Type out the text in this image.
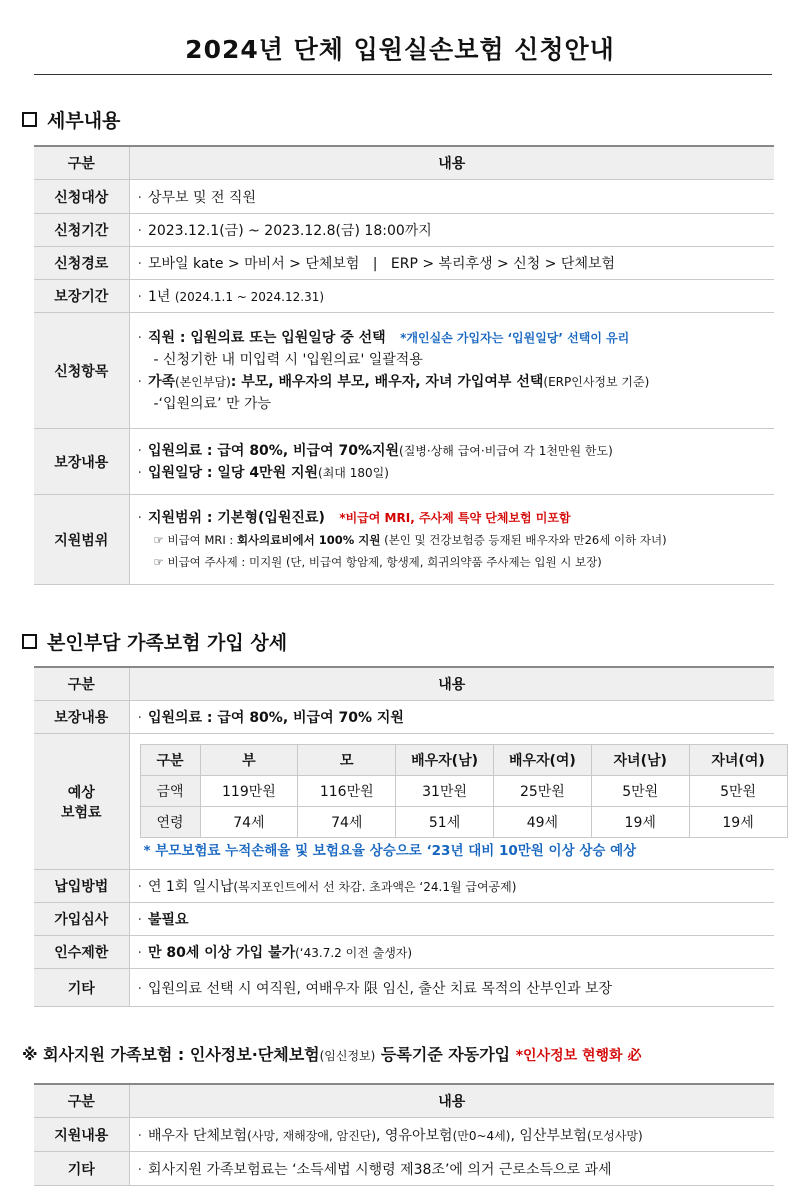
2024년 단체 입원실손보험 신청안내
세부내용
구분	내용
신청대상	· 상무보 및 전 직원
신청기간	· 2023.12.1(금) ~ 2023.12.8(금) 18:00까지
신청경로	· 모바일 kate > 마비서 > 단체보험   |   ERP > 복리후생 > 신청 > 단체보험
보장기간	· 1년 (2024.1.1 ~ 2024.12.31)
신청항목	· 직원 : 입원의료 또는 입원일당 중 선택 *개인실손 가입자는 ‘입원일당’ 선택이 유리
- 신청기한 내 미입력 시 '입원의료' 일괄적용
· 가족(본인부담): 부모, 배우자의 부모, 배우자, 자녀 가입여부 선택(ERP인사정보 기준)
-‘입원의료’ 만 가능

보장내용	· 입원의료 : 급여 80%, 비급여 70%지원(질병·상해 급여·비급여 각 1천만원 한도)
· 입원일당 : 일당 4만원 지원(최대 180일)

지원범위	· 지원범위 : 기본형(입원진료) *비급여 MRI, 주사제 특약 단체보험 미포함
☞ 비급여 MRI : 회사의료비에서 100% 지원 (본인 및 건강보험증 등재된 배우자와 만26세 이하 자녀)
☞ 비급여 주사제 : 미지원 (단, 비급여 항암제, 항생제, 희귀의약품 주사제는 입원 시 보장)
본인부담 가족보험 가입 상세
구분	내용
보장내용	· 입원의료 : 급여 80%, 비급여 70% 지원

예상
보험료

구분	부	모	배우자(남)	배우자(여)	자녀(남)	자녀(여)
금액	119만원	116만원	31만원	25만원	5만원	5만원
연령	74세	74세	51세	49세	19세	19세
* 부모보험료 누적손해율 및 보험요율 상승으로 ‘23년 대비 10만원 이상 상승 예상

납입방법	· 연 1회 일시납(복지포인트에서 선 차감. 초과액은 ‘24.1월 급여공제)
가입심사	· 불필요
인수제한	· 만 80세 이상 가입 불가(‘43.7.2 이전 출생자)
기타	· 입원의료 선택 시 여직원, 여배우자 限 임신, 출산 치료 목적의 산부인과 보장
※ 회사지원 가족보험 : 인사정보·단체보험(임신정보) 등록기준 자동가입 *인사정보 현행화 必
구분	내용
지원내용	· 배우자 단체보험(사망, 재해장애, 암진단), 영유아보험(만0~4세), 임산부보험(모성사망)
기타	· 회사지원 가족보험료는 ‘소득세법 시행령 제38조’에 의거 근로소득으로 과세
